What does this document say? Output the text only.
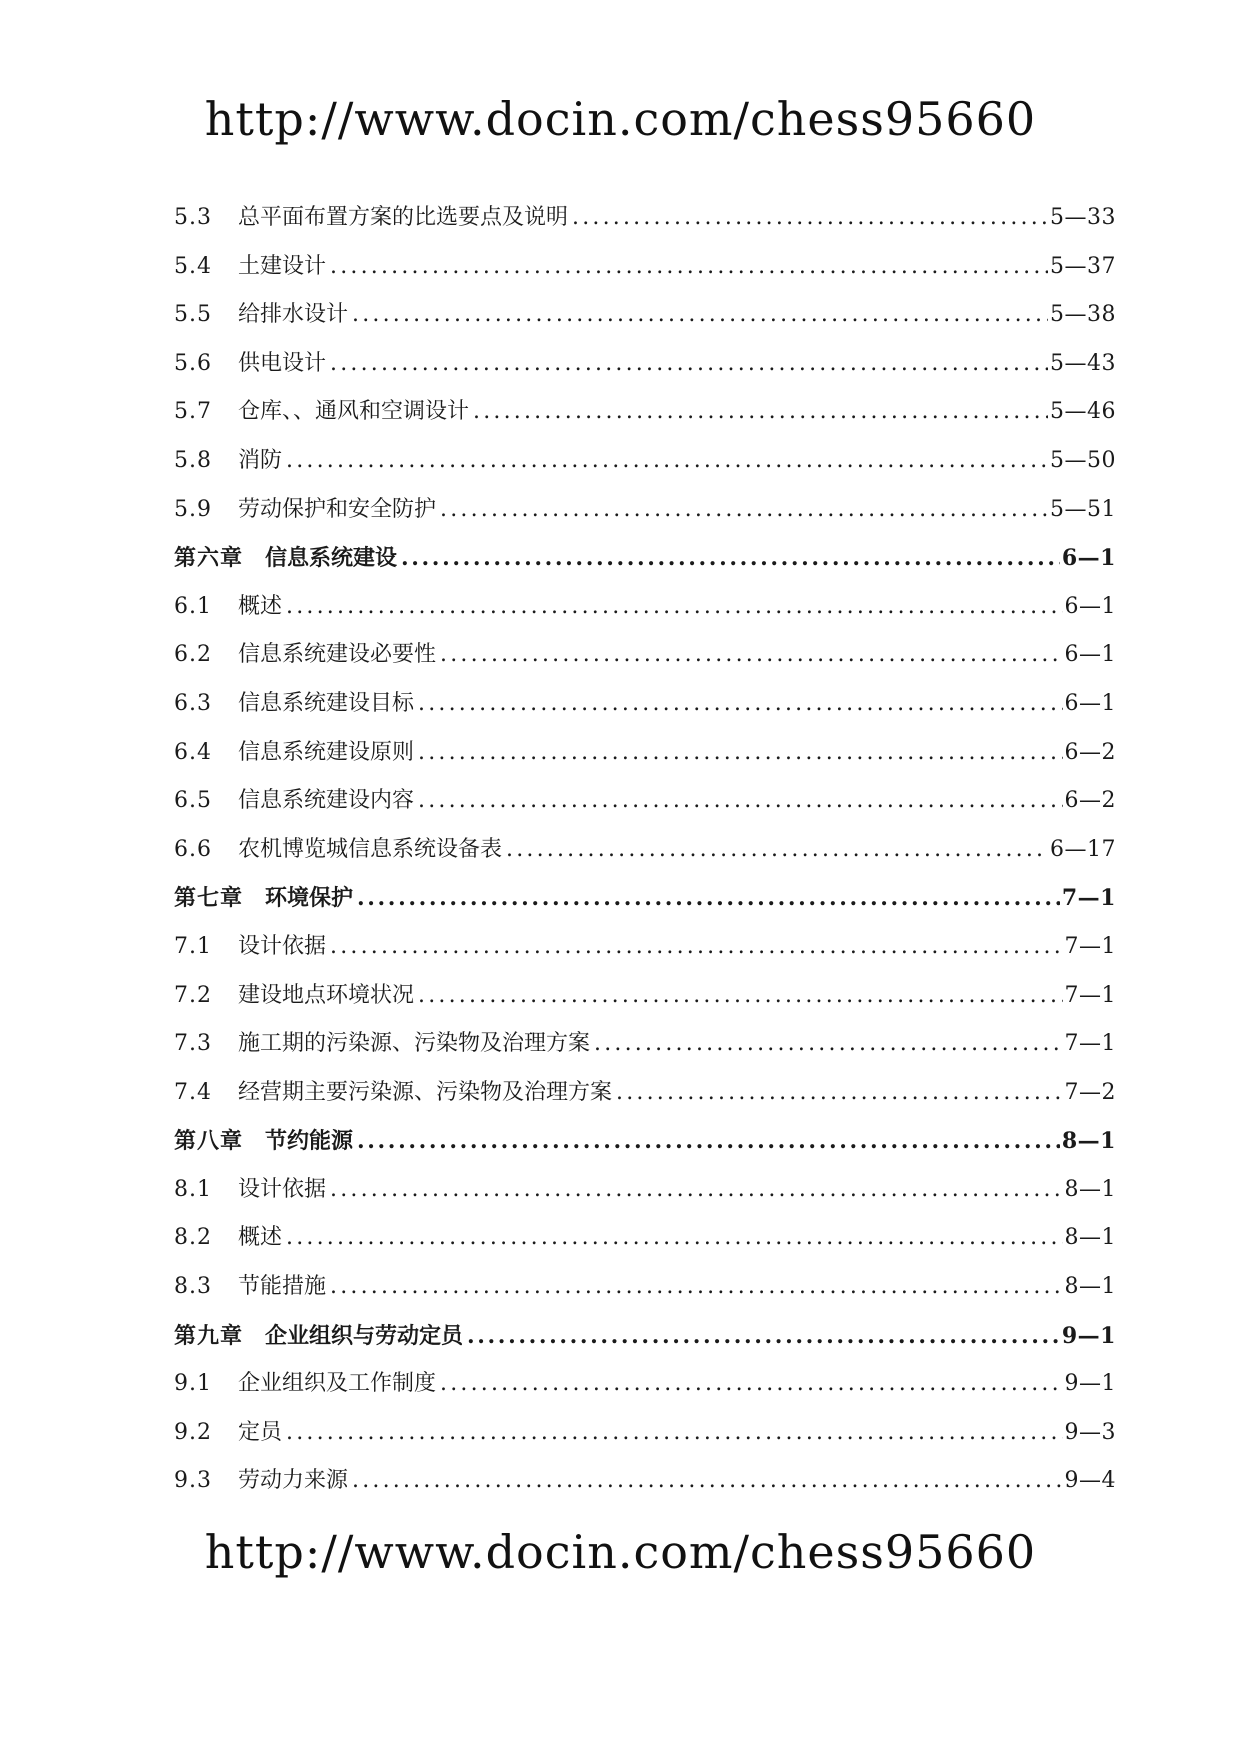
http://www.docin.com/chess95660
5.3	总平面布置方案的比选要点及说明 .....	5—33
5.4	土建设计 .....	5—37
5.5	给排水设计 .....	5—38
5.6	供电设计 .....	5—43
5.7	仓库、、通风和空调设计 .....	5—46
5.8	消防 .....	5—50
5.9	劳动保护和安全防护 .....	5—51
第六章	信息系统建设 .....	6—1
6.1	概述 .....	6—1
6.2	信息系统建设必要性 .....	6—1
6.3	信息系统建设目标 .....	6—1
6.4	信息系统建设原则 .....	6—2
6.5	信息系统建设内容 .....	6—2
6.6	农机博览城信息系统设备表 .....	6—17
第七章	环境保护 .....	7—1
7.1	设计依据 .....	7—1
7.2	建设地点环境状况 .....	7—1
7.3	施工期的污染源、污染物及治理方案 .....	7—1
7.4	经营期主要污染源、污染物及治理方案 .....	7—2
第八章	节约能源 .....	8—1
8.1	设计依据 .....	8—1
8.2	概述 .....	8—1
8.3	节能措施 .....	8—1
第九章	企业组织与劳动定员 .....	9—1
9.1	企业组织及工作制度 .....	9—1
9.2	定员 .....	9—3
9.3	劳动力来源 .....	9—4
http://www.docin.com/chess95660
